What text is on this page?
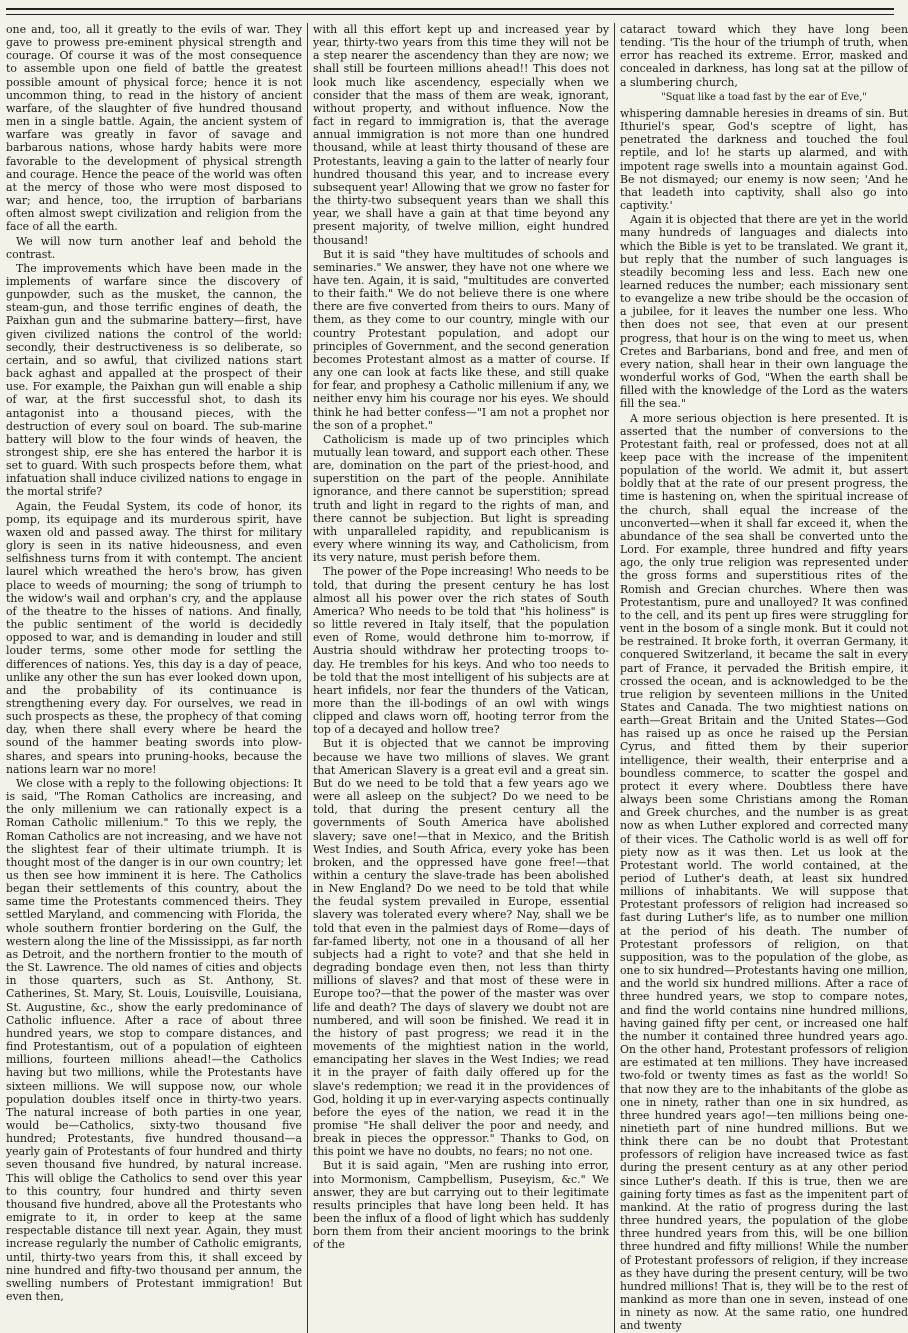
one and, too, all it greatly to the evils of war. They gave to prowess pre-eminent physical strength and courage. Of course it was of the most consequence to assemble upon one field of battle the greatest possible amount of physical force; hence it is not uncommon thing, to read in the history of ancient warfare, of the slaughter of five hundred thousand men in a single battle. Again, the ancient system of warfare was greatly in favor of savage and barbarous nations, whose hardy habits were more favorable to the development of physical strength and courage. Hence the peace of the world was often at the mercy of those who were most disposed to war; and hence, too, the irruption of barbarians often almost swept civilization and religion from the face of all the earth.

We will now turn another leaf and behold the contrast.

The improvements which have been made in the implements of warfare since the discovery of gunpowder, such as the musket, the cannon, the steam-gun, and those terrific engines of death, the Paixhan gun and the submarine battery—first, have given civilized nations the control of the world: secondly, their destructiveness is so deliberate, so certain, and so awful, that civilized nations start back aghast and appalled at the prospect of their use. For example, the Paixhan gun will enable a ship of war, at the first successful shot, to dash its antagonist into a thousand pieces, with the destruction of every soul on board. The sub-marine battery will blow to the four winds of heaven, the strongest ship, ere she has entered the harbor it is set to guard. With such prospects before them, what infatuation shall induce civilized nations to engage in the mortal strife?

Again, the Feudal System, its code of honor, its pomp, its equipage and its murderous spirit, have waxen old and passed away. The thirst for military glory is seen in its native hideousness, and even selfishness turns from it with contempt. The ancient laurel which wreathed the hero's brow, has given place to weeds of mourning; the song of triumph to the widow's wail and orphan's cry, and the applause of the theatre to the hisses of nations. And finally, the public sentiment of the world is decidedly opposed to war, and is demanding in louder and still louder terms, some other mode for settling the differences of nations. Yes, this day is a day of peace, unlike any other the sun has ever looked down upon, and the probability of its continuance is strengthening every day. For ourselves, we read in such prospects as these, the prophecy of that coming day, when there shall every where be heard the sound of the hammer beating swords into plow-shares, and spears into pruning-hooks, because the nations learn war no more!

We close with a reply to the following objections: It is said, "The Roman Catholics are increasing, and the only millenium we can rationally expect is a Roman Catholic millenium." To this we reply, the Roman Catholics are not increasing, and we have not the slightest fear of their ultimate triumph. It is thought most of the danger is in our own country; let us then see how imminent it is here. The Catholics began their settlements of this country, about the same time the Protestants commenced theirs. They settled Maryland, and commencing with Florida, the whole southern frontier bordering on the Gulf, the western along the line of the Mississippi, as far north as Detroit, and the northern frontier to the mouth of the St. Lawrence. The old names of cities and objects in those quarters, such as St. Anthony, St. Catherines, St. Mary, St. Louis, Louisville, Louisiana, St. Augustine, &c., show the early predominance of Catholic influence. After a race of about three hundred years, we stop to compare distances, and find Protestantism, out of a population of eighteen millions, fourteen millions ahead!—the Catholics having but two millions, while the Protestants have sixteen millions. We will suppose now, our whole population doubles itself once in thirty-two years. The natural increase of both parties in one year, would be—Catholics, sixty-two thousand five hundred; Protestants, five hundred thousand—a yearly gain of Protestants of four hundred and thirty seven thousand five hundred, by natural increase. This will oblige the Catholics to send over this year to this country, four hundred and thirty seven thousand five hundred, above all the Protestants who emigrate to it, in order to keep at the same respectable distance till next year. Again, they must increase regularly the number of Catholic emigrants, until, thirty-two years from this, it shall exceed by nine hundred and fifty-two thousand per annum, the swelling numbers of Protestant immigration! But even then,

with all this effort kept up and increased year by year, thirty-two years from this time they will not be a step nearer the ascendency than they are now; we shall still be fourteen millions ahead!! This does not look much like ascendency, especially when we consider that the mass of them are weak, ignorant, without property, and without influence. Now the fact in regard to immigration is, that the average annual immigration is not more than one hundred thousand, while at least thirty thousand of these are Protestants, leaving a gain to the latter of nearly four hundred thousand this year, and to increase every subsequent year! Allowing that we grow no faster for the thirty-two subsequent years than we shall this year, we shall have a gain at that time beyond any present majority, of twelve million, eight hundred thousand!

But it is said "they have multitudes of schools and seminaries." We answer, they have not one where we have ten. Again, it is said, "multitudes are converted to their faith." We do not believe there is one where there are five converted from theirs to ours. Many of them, as they come to our country, mingle with our country Protestant population, and adopt our principles of Government, and the second generation becomes Protestant almost as a matter of course. If any one can look at facts like these, and still quake for fear, and prophesy a Catholic millenium if any, we neither envy him his courage nor his eyes. We should think he had better confess—"I am not a prophet nor the son of a prophet."

Catholicism is made up of two principles which mutually lean toward, and support each other. These are, domination on the part of the priest-hood, and superstition on the part of the people. Annihilate ignorance, and there cannot be superstition; spread truth and light in regard to the rights of man, and there cannot be subjection. But light is spreading with unparalleled rapidity, and republicanism is every where winning its way, and Catholicism, from its very nature, must perish before them.

The power of the Pope increasing! Who needs to be told, that during the present century he has lost almost all his power over the rich states of South America? Who needs to be told that "his holiness" is so little revered in Italy itself, that the population even of Rome, would dethrone him to-morrow, if Austria should withdraw her protecting troops to-day. He trembles for his keys. And who too needs to be told that the most intelligent of his subjects are at heart infidels, nor fear the thunders of the Vatican, more than the ill-bodings of an owl with wings clipped and claws worn off, hooting terror from the top of a decayed and hollow tree?

But it is objected that we cannot be improving because we have two millions of slaves. We grant that American Slavery is a great evil and a great sin. But do we need to be told that a few years ago we were all asleep on the subject? Do we need to be told, that during the present century all the governments of South America have abolished slavery; save one!—that in Mexico, and the British West Indies, and South Africa, every yoke has been broken, and the oppressed have gone free!—that within a century the slave-trade has been abolished in New England? Do we need to be told that while the feudal system prevailed in Europe, essential slavery was tolerated every where? Nay, shall we be told that even in the palmiest days of Rome—days of far-famed liberty, not one in a thousand of all her subjects had a right to vote? and that she held in degrading bondage even then, not less than thirty millions of slaves? and that most of these were in Europe too?—that the power of the master was over life and death? The days of slavery we doubt not are numbered, and will soon be finished. We read it in the history of past progress; we read it in the movements of the mightiest nation in the world, emancipating her slaves in the West Indies; we read it in the prayer of faith daily offered up for the slave's redemption; we read it in the providences of God, holding it up in ever-varying aspects continually before the eyes of the nation, we read it in the promise "He shall deliver the poor and needy, and break in pieces the oppressor." Thanks to God, on this point we have no doubts, no fears; no not one.

But it is said again, "Men are rushing into error, into Mormonism, Campbellism, Puseyism, &c." We answer, they are but carrying out to their legitimate results principles that have long been held. It has been the influx of a flood of light which has suddenly born them from their ancient moorings to the brink of the

cataract toward which they have long been tending. 'Tis the hour of the triumph of truth, when error has reached its extreme. Error, masked and concealed in darkness, has long sat at the pillow of a slumbering church,

"Squat like a toad fast by the ear of Eve,"

whispering damnable heresies in dreams of sin. But Ithuriel's spear, God's sceptre of light, has penetrated the darkness and touched the foul reptile, and lo! he starts up alarmed, and with impotent rage swells into a mountain against God. Be not dismayed; our enemy is now seen; 'And he that leadeth into captivity, shall also go into captivity.'

Again it is objected that there are yet in the world many hundreds of languages and dialects into which the Bible is yet to be translated. We grant it, but reply that the number of such languages is steadily becoming less and less. Each new one learned reduces the number; each missionary sent to evangelize a new tribe should be the occasion of a jubilee, for it leaves the number one less. Who then does not see, that even at our present progress, that hour is on the wing to meet us, when Cretes and Barbarians, bond and free, and men of every nation, shall hear in their own language the wonderful works of God, "When the earth shall be filled with the knowledge of the Lord as the waters fill the sea."

A more serious objection is here presented. It is asserted that the number of conversions to the Protestant faith, real or professed, does not at all keep pace with the increase of the impenitent population of the world. We admit it, but assert boldly that at the rate of our present progress, the time is hastening on, when the spiritual increase of the church, shall equal the increase of the unconverted—when it shall far exceed it, when the abundance of the sea shall be converted unto the Lord. For example, three hundred and fifty years ago, the only true religion was represented under the gross forms and superstitious rites of the Romish and Grecian churches. Where then was Protestantism, pure and unalloyed? It was confined to the cell, and its pent up fires were struggling for vent in the bosom of a single monk. But it could not be restrained. It broke forth, it overran Germany, it conquered Switzerland, it became the salt in every part of France, it pervaded the British empire, it crossed the ocean, and is acknowledged to be the true religion by seventeen millions in the United States and Canada. The two mightiest nations on earth—Great Britain and the United States—God has raised up as once he raised up the Persian Cyrus, and fitted them by their superior intelligence, their wealth, their enterprise and a boundless commerce, to scatter the gospel and protect it every where. Doubtless there have always been some Christians among the Roman and Greek churches, and the number is as great now as when Luther explored and corrected many of their vices. The Catholic world is as well off for piety now as it was then. Let us look at the Protestant world. The world contained, at the period of Luther's death, at least six hundred millions of inhabitants. We will suppose that Protestant professors of religion had increased so fast during Luther's life, as to number one million at the period of his death. The number of Protestant professors of religion, on that supposition, was to the population of the globe, as one to six hundred—Protestants having one million, and the world six hundred millions. After a race of three hundred years, we stop to compare notes, and find the world contains nine hundred millions, having gained fifty per cent, or increased one half the number it contained three hundred years ago. On the other hand, Protestant professors of religion are estimated at ten millions. They have increased two-fold or twenty times as fast as the world! So that now they are to the inhabitants of the globe as one in ninety, rather than one in six hundred, as three hundred years ago!—ten millions being one-ninetieth part of nine hundred millions. But we think there can be no doubt that Protestant professors of religion have increased twice as fast during the present century as at any other period since Luther's death. If this is true, then we are gaining forty times as fast as the impenitent part of mankind. At the ratio of progress during the last three hundred years, the population of the globe three hundred years from this, will be one billion three hundred and fifty millions! While the number of Protestant professors of religion, if they increase as they have during the present century, will be two hundred millions! That is, they will be to the rest of mankind as more than one in seven, instead of one in ninety as now. At the same ratio, one hundred and twenty
